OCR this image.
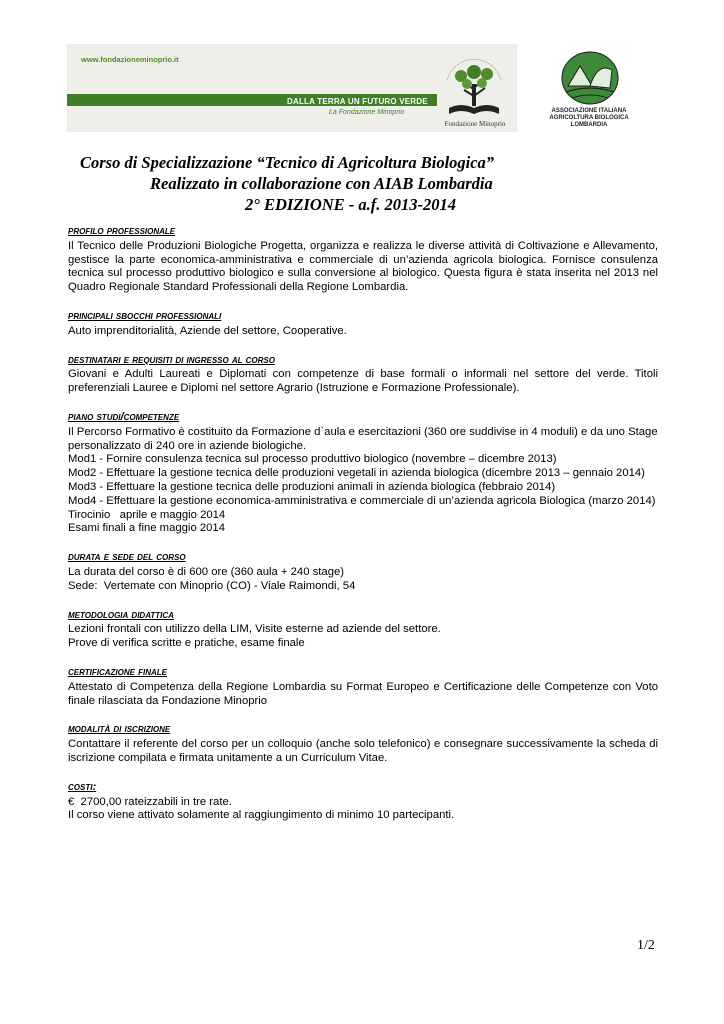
www.fondazioneminoprio.it
DALLA TERRA UN FUTURO VERDE
La Fondazione Minoprio
Fondazione Minoprio
ASSOCIAZIONE ITALIANA
AGRICOLTURA BIOLOGICA
LOMBARDIA
Corso di Specializzazione “Tecnico di Agricoltura Biologica”
Realizzato in collaborazione con AIAB Lombardia
2° EDIZIONE - a.f. 2013-2014
profilo professionale
Il Tecnico delle Produzioni Biologiche Progetta, organizza e realizza le diverse attività di Coltivazione e Allevamento, gestisce la parte economica-amministrativa e commerciale di un’azienda agricola biologica. Fornisce consulenza tecnica sul processo produttivo biologico e sulla conversione al biologico. Questa figura è stata inserita nel 2013 nel Quadro Regionale Standard Professionali della Regione Lombardia.
principali sbocchi professionali
Auto imprenditorialità, Aziende del settore, Cooperative.
destinatari e requisiti di ingresso al corso
Giovani e Adulti Laureati e Diplomati con competenze di base formali o informali nel settore del verde. Titoli preferenziali Lauree e Diplomi nel settore Agrario (Istruzione e Formazione Professionale).
piano studi/competenze
Il Percorso Formativo è costituito da Formazione d`aula e esercitazioni (360 ore suddivise in 4 moduli) e da uno Stage personalizzato di 240 ore in aziende biologiche.
Mod1 - Fornire consulenza tecnica sul processo produttivo biologico (novembre – dicembre 2013)
Mod2 - Effettuare la gestione tecnica delle produzioni vegetali in azienda biologica (dicembre 2013 – gennaio 2014)
Mod3 - Effettuare la gestione tecnica delle produzioni animali in azienda biologica (febbraio 2014)
Mod4 - Effettuare la gestione economica-amministrativa e commerciale di un’azienda agricola Biologica (marzo 2014)
Tirocinio   aprile e maggio 2014
Esami finali a fine maggio 2014
durata e sede del corso
La durata del corso è di 600 ore (360 aula + 240 stage)
Sede:  Vertemate con Minoprio (CO) - Viale Raimondi, 54
metodologia didattica
Lezioni frontali con utilizzo della LIM, Visite esterne ad aziende del settore.
Prove di verifica scritte e pratiche, esame finale
certificazione finale
Attestato di Competenza della Regione Lombardia su Format Europeo e Certificazione delle Competenze con Voto finale rilasciata da Fondazione Minoprio
modalità di iscrizione
Contattare il referente del corso per un colloquio (anche solo telefonico) e consegnare successivamente la scheda di iscrizione compilata e firmata unitamente a un Curriculum Vitae.
costi:
€  2700,00 rateizzabili in tre rate.
Il corso viene attivato solamente al raggiungimento di minimo 10 partecipanti.
1/2
